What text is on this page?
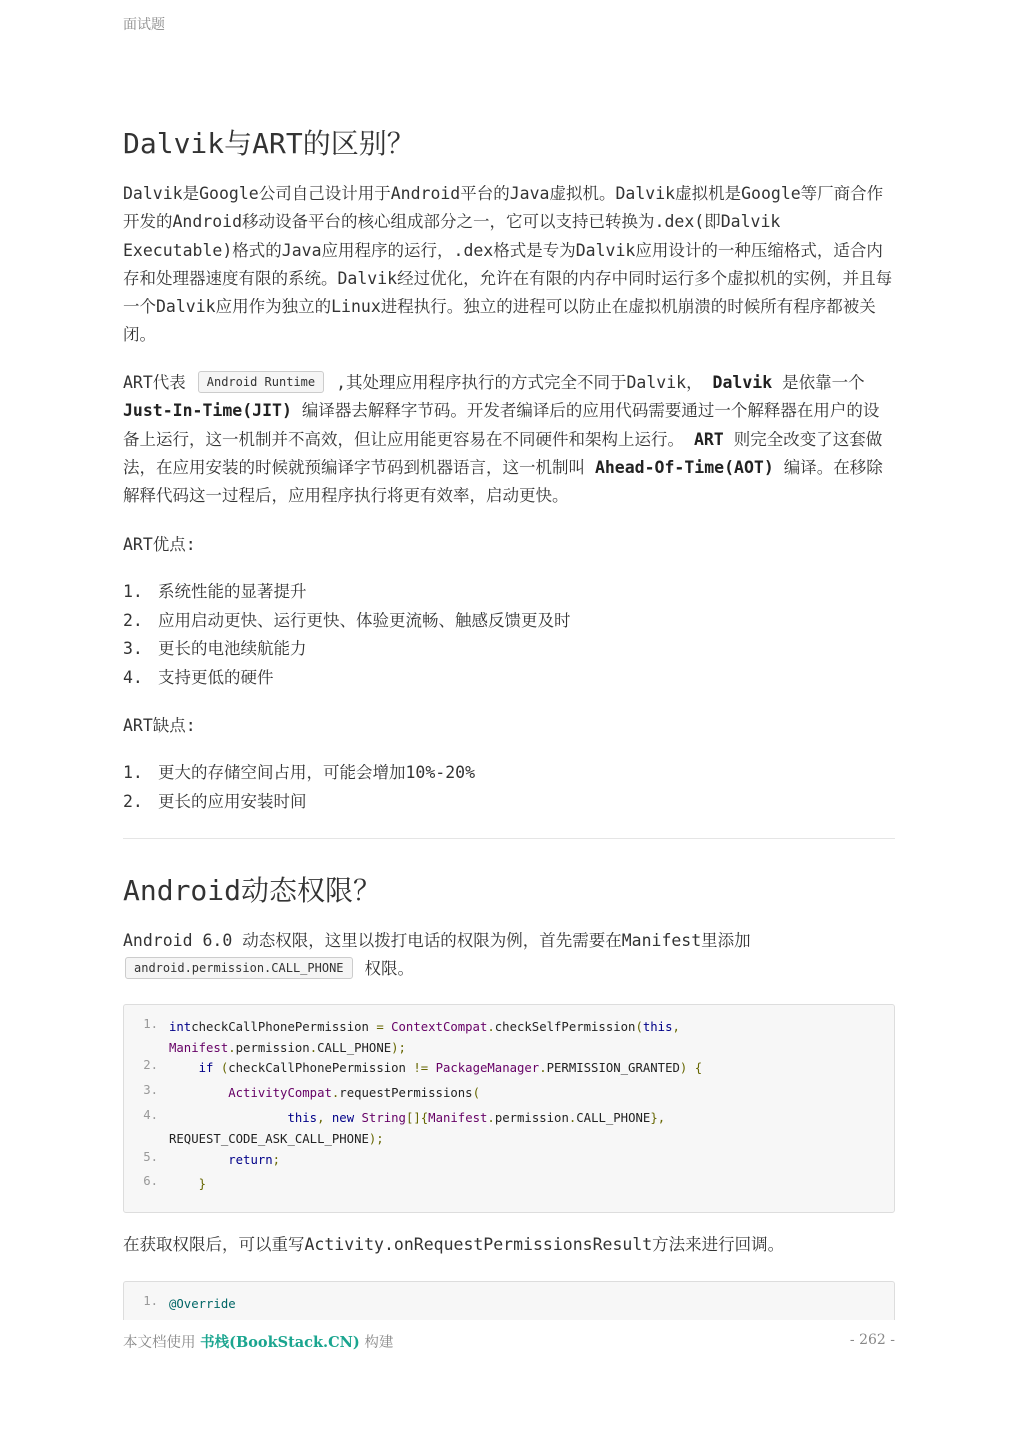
面试题
Dalvik与ART的区别？

Dalvik是Google公司自己设计用于Android平台的Java虚拟机。Dalvik虚拟机是Google等厂商合作开发的Android移动设备平台的核心组成部分之一，它可以支持已转换为.dex(即Dalvik Executable)格式的Java应用程序的运行，.dex格式是专为Dalvik应用设计的一种压缩格式，适合内存和处理器速度有限的系统。Dalvik经过优化，允许在有限的内存中同时运行多个虚拟机的实例，并且每一个Dalvik应用作为独立的Linux进程执行。独立的进程可以防止在虚拟机崩溃的时候所有程序都被关闭。

ART代表 Android Runtime ,其处理应用程序执行的方式完全不同于Dalvik， Dalvik 是依靠一个 Just-In-Time(JIT) 编译器去解释字节码。开发者编译后的应用代码需要通过一个解释器在用户的设备上运行，这一机制并不高效，但让应用能更容易在不同硬件和架构上运行。 ART 则完全改变了这套做法，在应用安装的时候就预编译字节码到机器语言，这一机制叫 Ahead-Of-Time(AOT) 编译。在移除解释代码这一过程后，应用程序执行将更有效率，启动更快。

ART优点:

1. 系统性能的显著提升
2. 应用启动更快、运行更快、体验更流畅、触感反馈更及时
3. 更长的电池续航能力
4. 支持更低的硬件

ART缺点:

1. 更大的存储空间占用，可能会增加10%-20%
2. 更长的应用安装时间
Android动态权限？

Android 6.0 动态权限，这里以拨打电话的权限为例，首先需要在Manifest里添加 android.permission.CALL_PHONE 权限。

1. intcheckCallPhonePermission = ContextCompat.checkSelfPermission(this,
Manifest.permission.CALL_PHONE);
2.	if (checkCallPhonePermission != PackageManager.PERMISSION_GRANTED) {
3.	ActivityCompat.requestPermissions(
4.	this, new String[]{Manifest.permission.CALL_PHONE},
REQUEST_CODE_ASK_CALL_PHONE);
5.	return;
6.	}

在获取权限后，可以重写Activity.onRequestPermissionsResult方法来进行回调。

1. @Override
本文档使用 书栈(BookStack.CN) 构建	- 262 -
